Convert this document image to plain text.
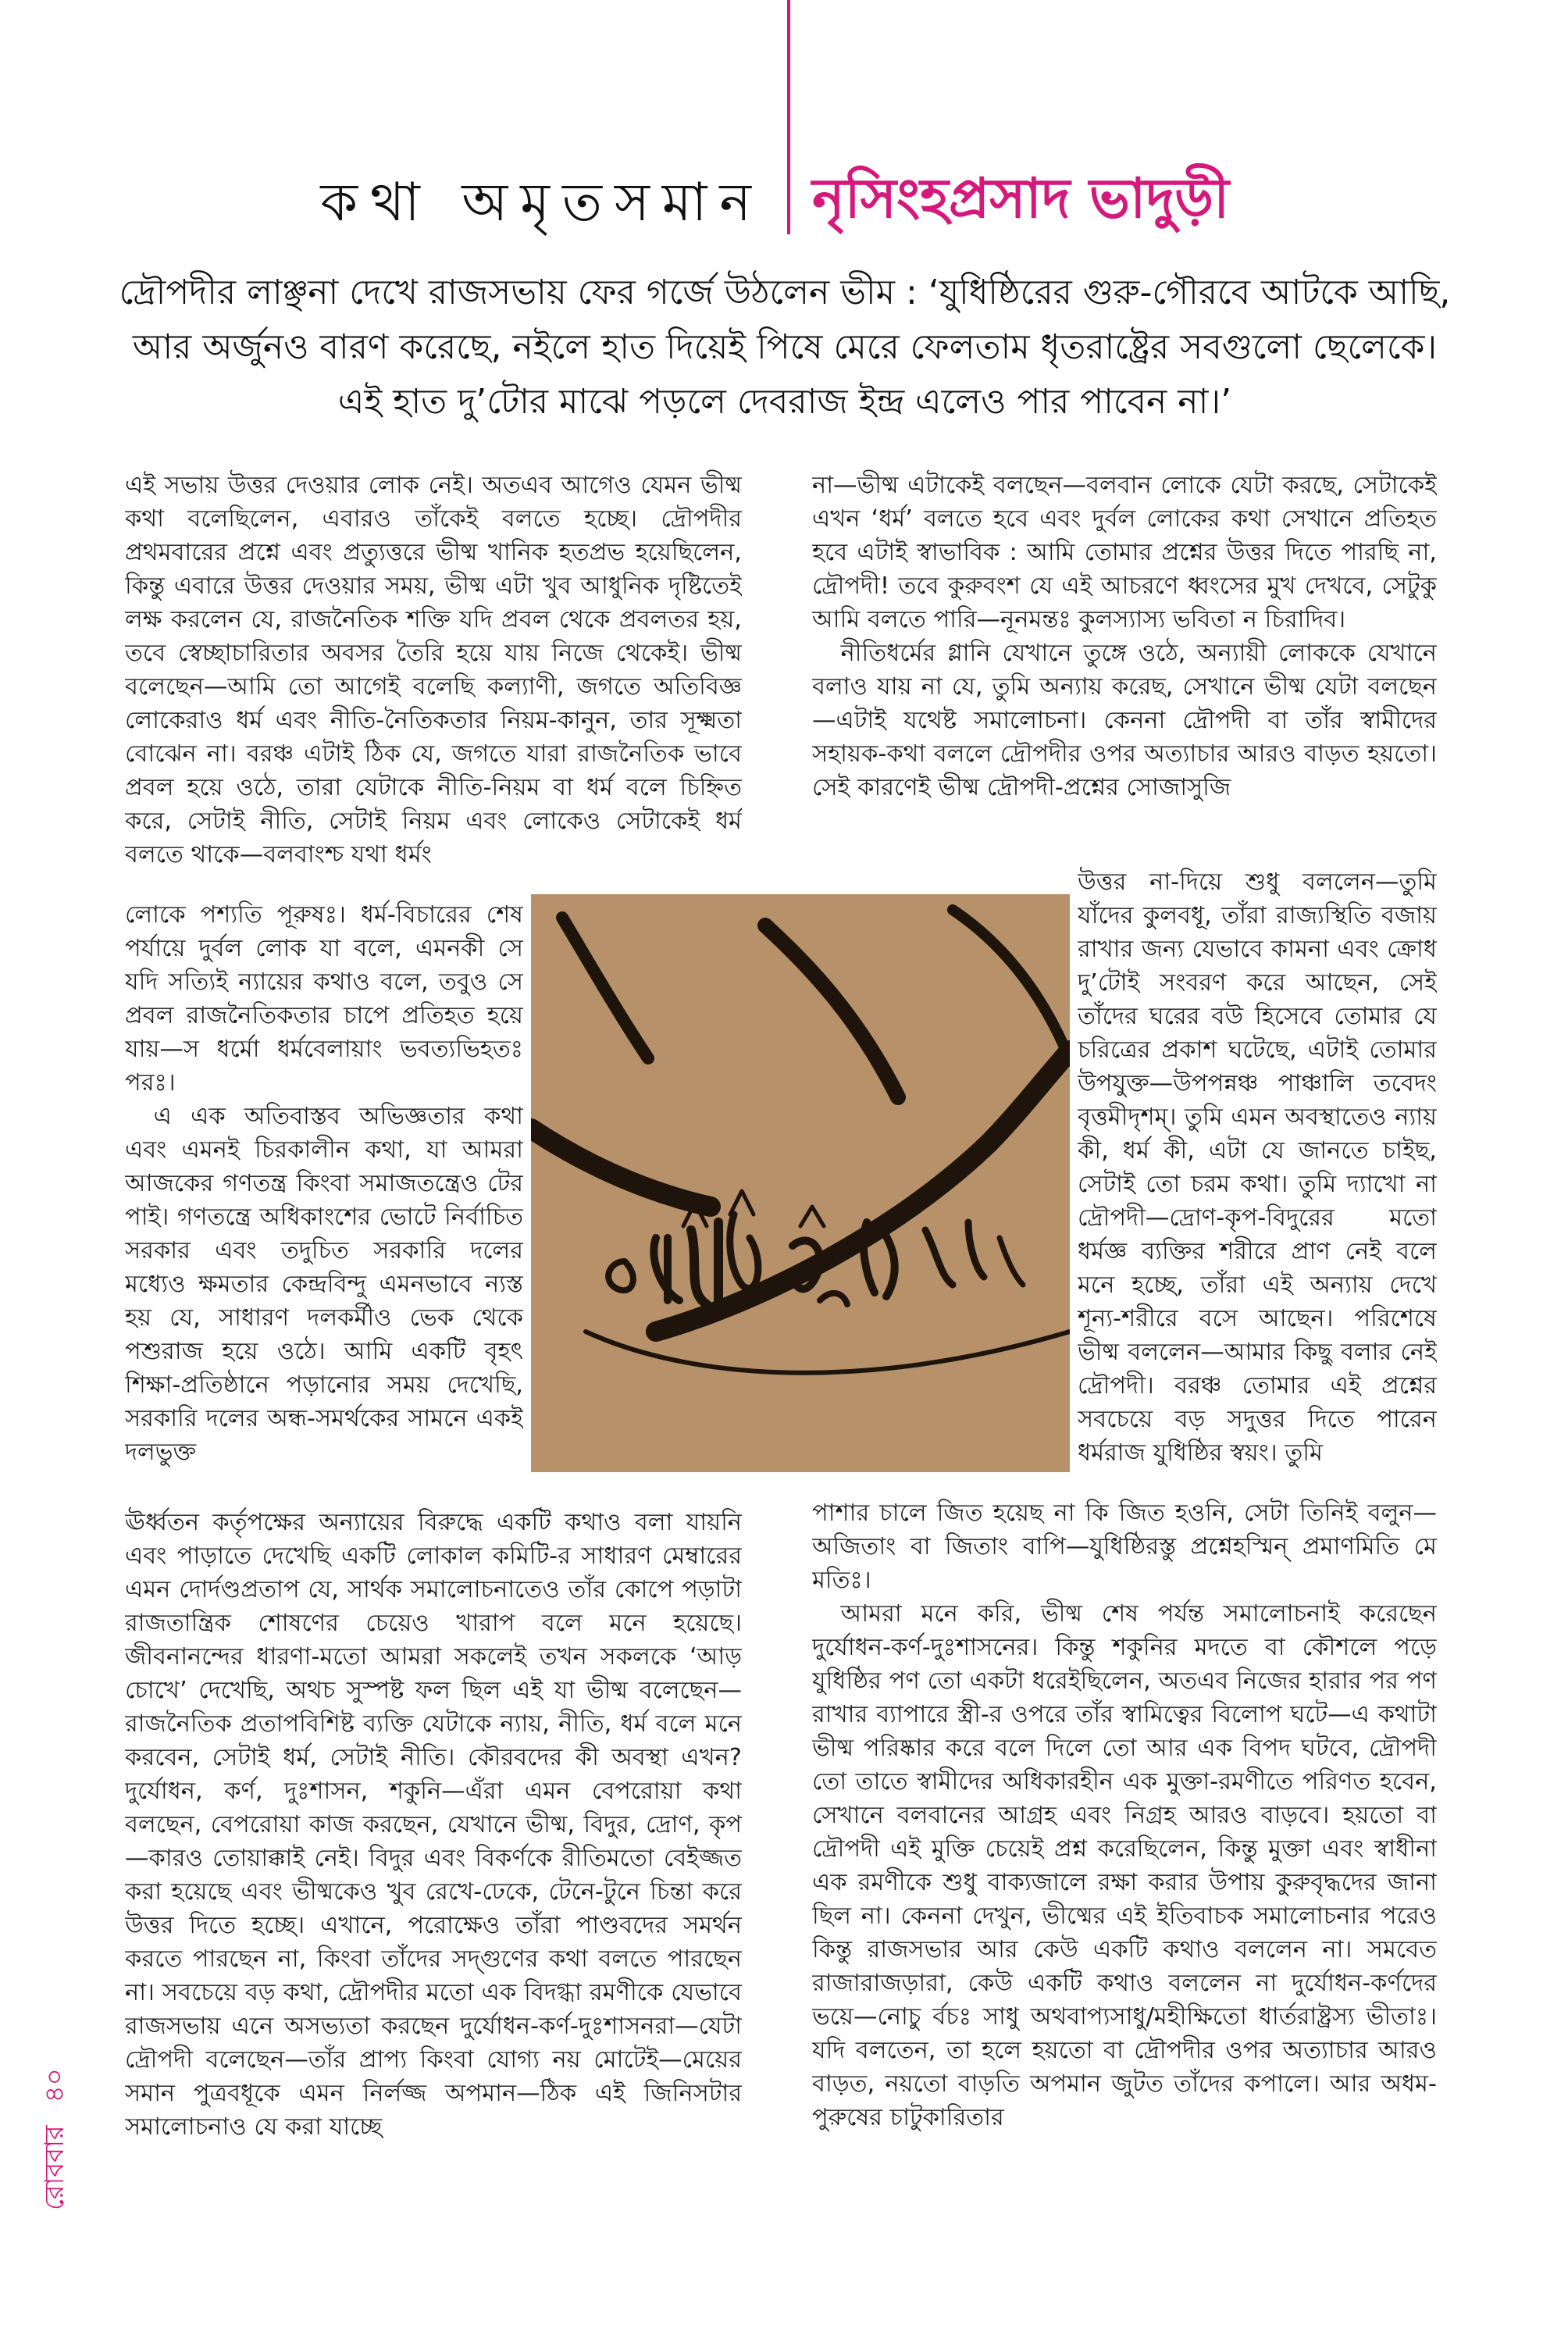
কথা অমৃতসমান নৃসিংহপ্রসাদ ভাদুড়ী
দ্রৌপদীর লাঞ্ছনা দেখে রাজসভায় ফের গর্জে উঠলেন ভীম : ‘যুধিষ্ঠিরের গুরু-গৌরবে আটকে আছি, আর অর্জুনও বারণ করেছে, নইলে হাত দিয়েই পিষে মেরে ফেলতাম ধৃতরাষ্ট্রের সবগুলো ছেলেকে। এই হাত দু’টোর মাঝে পড়লে দেবরাজ ইন্দ্র এলেও পার পাবেন না।’

এই সভায় উত্তর দেওয়ার লোক নেই। অতএব আগেও যেমন ভীষ্ম কথা বলেছিলেন, এবারও তাঁকেই বলতে হচ্ছে। দ্রৌপদীর প্রথমবারের প্রশ্নে এবং প্রত্যুত্তরে ভীষ্ম খানিক হতপ্রভ হয়েছিলেন, কিন্তু এবারে উত্তর দেওয়ার সময়, ভীষ্ম এটা খুব আধুনিক দৃষ্টিতেই লক্ষ করলেন যে, রাজনৈতিক শক্তি যদি প্রবল থেকে প্রবলতর হয়, তবে স্বেচ্ছাচারিতার অবসর তৈরি হয়ে যায় নিজে থেকেই। ভীষ্ম বলেছেন—আমি তো আগেই বলেছি কল্যাণী, জগতে অতিবিজ্ঞ লোকেরাও ধর্ম এবং নীতি-নৈতিকতার নিয়ম-কানুন, তার সূক্ষ্মতা বোঝেন না। বরঞ্চ এটাই ঠিক যে, জগতে যারা রাজনৈতিক ভাবে প্রবল হয়ে ওঠে, তারা যেটাকে নীতি-নিয়ম বা ধর্ম বলে চিহ্নিত করে, সেটাই নীতি, সেটাই নিয়ম এবং লোকেও সেটাকেই ধর্ম বলতে থাকে—বলবাংশ্চ যথা ধর্মং

লোকে পশ্যতি পূরুষঃ। ধর্ম-বিচারের শেষ পর্যায়ে দুর্বল লোক যা বলে, এমনকী সে যদি সত্যিই ন্যায়ের কথাও বলে, তবুও সে প্রবল রাজনৈতিকতার চাপে প্রতিহত হয়ে যায়—স ধর্মো ধর্মবেলায়াং ভবত্যভিহতঃ পরঃ।

এ এক অতিবাস্তব অভিজ্ঞতার কথা এবং এমনই চিরকালীন কথা, যা আমরা আজকের গণতন্ত্র কিংবা সমাজতন্ত্রেও টের পাই। গণতন্ত্রে অধিকাংশের ভোটে নির্বাচিত সরকার এবং তদুচিত সরকারি দলের মধ্যেও ক্ষমতার কেন্দ্রবিন্দু এমনভাবে ন্যস্ত হয় যে, সাধারণ দলকর্মীও ভেক থেকে পশুরাজ হয়ে ওঠে। আমি একটি বৃহৎ শিক্ষা-প্রতিষ্ঠানে পড়ানোর সময় দেখেছি, সরকারি দলের অন্ধ-সমর্থকের সামনে একই দলভুক্ত

ঊর্ধ্বতন কর্তৃপক্ষের অন্যায়ের বিরুদ্ধে একটি কথাও বলা যায়নি এবং পাড়াতে দেখেছি একটি লোকাল কমিটি-র সাধারণ মেম্বারের এমন দোর্দণ্ডপ্রতাপ যে, সার্থক সমালোচনাতেও তাঁর কোপে পড়াটা রাজতান্ত্রিক শোষণের চেয়েও খারাপ বলে মনে হয়েছে। জীবনানন্দের ধারণা-মতো আমরা সকলেই তখন সকলকে ‘আড় চোখে’ দেখেছি, অথচ সুস্পষ্ট ফল ছিল এই যা ভীষ্ম বলেছেন—রাজনৈতিক প্রতাপবিশিষ্ট ব্যক্তি যেটাকে ন্যায়, নীতি, ধর্ম বলে মনে করবেন, সেটাই ধর্ম, সেটাই নীতি। কৌরবদের কী অবস্থা এখন? দুর্যোধন, কর্ণ, দুঃশাসন, শকুনি—এঁরা এমন বেপরোয়া কথা বলছেন, বেপরোয়া কাজ করছেন, যেখানে ভীষ্ম, বিদুর, দ্রোণ, কৃপ—কারও তোয়াক্কাই নেই। বিদুর এবং বিকর্ণকে রীতিমতো বেইজ্জত করা হয়েছে এবং ভীষ্মকেও খুব রেখে-ঢেকে, টেনে-টুনে চিন্তা করে উত্তর দিতে হচ্ছে। এখানে, পরোক্ষেও তাঁরা পাণ্ডবদের সমর্থন করতে পারছেন না, কিংবা তাঁদের সদ্গুণের কথা বলতে পারছেন না। সবচেয়ে বড় কথা, দ্রৌপদীর মতো এক বিদগ্ধা রমণীকে যেভাবে রাজসভায় এনে অসভ্যতা করছেন দুর্যোধন-কর্ণ-দুঃশাসনরা—যেটা দ্রৌপদী বলেছেন—তাঁর প্রাপ্য কিংবা যোগ্য নয় মোটেই—মেয়ের সমান পুত্রবধূকে এমন নির্লজ্জ অপমান—ঠিক এই জিনিসটার সমালোচনাও যে করা যাচ্ছে

না—ভীষ্ম এটাকেই বলছেন—বলবান লোকে যেটা করছে, সেটাকেই এখন ‘ধর্ম’ বলতে হবে এবং দুর্বল লোকের কথা সেখানে প্রতিহত হবে এটাই স্বাভাবিক : আমি তোমার প্রশ্নের উত্তর দিতে পারছি না, দ্রৌপদী! তবে কুরুবংশ যে এই আচরণে ধ্বংসের মুখ দেখবে, সেটুকু আমি বলতে পারি—নূনমন্তঃ কুলস্যাস্য ভবিতা ন চিরাদিব।

নীতিধর্মের গ্লানি যেখানে তুঙ্গে ওঠে, অন্যায়ী লোককে যেখানে বলাও যায় না যে, তুমি অন্যায় করেছ, সেখানে ভীষ্ম যেটা বলছেন—এটাই যথেষ্ট সমালোচনা। কেননা দ্রৌপদী বা তাঁর স্বামীদের সহায়ক-কথা বললে দ্রৌপদীর ওপর অত্যাচার আরও বাড়ত হয়তো। সেই কারণেই ভীষ্ম দ্রৌপদী-প্রশ্নের সোজাসুজি

উত্তর না-দিয়ে শুধু বললেন—তুমি যাঁদের কুলবধূ, তাঁরা রাজ্যস্থিতি বজায় রাখার জন্য যেভাবে কামনা এবং ক্রোধ দু’টোই সংবরণ করে আছেন, সেই তাঁদের ঘরের বউ হিসেবে তোমার যে চরিত্রের প্রকাশ ঘটেছে, এটাই তোমার উপযুক্ত—উপপন্নঞ্চ পাঞ্চালি তবেদং বৃত্তমীদৃশম্। তুমি এমন অবস্থাতেও ন্যায় কী, ধর্ম কী, এটা যে জানতে চাইছ, সেটাই তো চরম কথা। তুমি দ্যাখো না দ্রৌপদী—দ্রোণ-কৃপ-বিদুরের মতো ধর্মজ্ঞ ব্যক্তির শরীরে প্রাণ নেই বলে মনে হচ্ছে, তাঁরা এই অন্যায় দেখে শূন্য-শরীরে বসে আছেন। পরিশেষে ভীষ্ম বললেন—আমার কিছু বলার নেই দ্রৌপদী। বরঞ্চ তোমার এই প্রশ্নের সবচেয়ে বড় সদুত্তর দিতে পারেন ধর্মরাজ যুধিষ্ঠির স্বয়ং। তুমি

পাশার চালে জিত হয়েছ না কি জিত হওনি, সেটা তিনিই বলুন—অজিতাং বা জিতাং বাপি—যুধিষ্ঠিরস্তু প্রশ্নেহস্মিন্ প্রমাণমিতি মে মতিঃ।

আমরা মনে করি, ভীষ্ম শেষ পর্যন্ত সমালোচনাই করেছেন দুর্যোধন-কর্ণ-দুঃশাসনের। কিন্তু শকুনির মদতে বা কৌশলে পড়ে যুধিষ্ঠির পণ তো একটা ধরেইছিলেন, অতএব নিজের হারার পর পণ রাখার ব্যাপারে স্ত্রী-র ওপরে তাঁর স্বামিত্বের বিলোপ ঘটে—এ কথাটা ভীষ্ম পরিষ্কার করে বলে দিলে তো আর এক বিপদ ঘটবে, দ্রৌপদী তো তাতে স্বামীদের অধিকারহীন এক মুক্তা-রমণীতে পরিণত হবেন, সেখানে বলবানের আগ্রহ এবং নিগ্রহ আরও বাড়বে। হয়তো বা দ্রৌপদী এই মুক্তি চেয়েই প্রশ্ন করেছিলেন, কিন্তু মুক্তা এবং স্বাধীনা এক রমণীকে শুধু বাক্যজালে রক্ষা করার উপায় কুরুবৃদ্ধদের জানা ছিল না। কেননা দেখুন, ভীষ্মের এই ইতিবাচক সমালোচনার পরেও কিন্তু রাজসভার আর কেউ একটি কথাও বললেন না। সমবেত রাজারাজড়ারা, কেউ একটি কথাও বললেন না দুর্যোধন-কর্ণদের ভয়ে—নোচু র্বচঃ সাধু অথবাপ্যসাধু/মহীক্ষিতো ধার্তরাষ্ট্রস্য ভীতাঃ। যদি বলতেন, তা হলে হয়তো বা দ্রৌপদীর ওপর অত্যাচার আরও বাড়ত, নয়তো বাড়তি অপমান জুটত তাঁদের কপালে। আর অধম-পুরুষের চাটুকারিতার

রোববার ৪০
